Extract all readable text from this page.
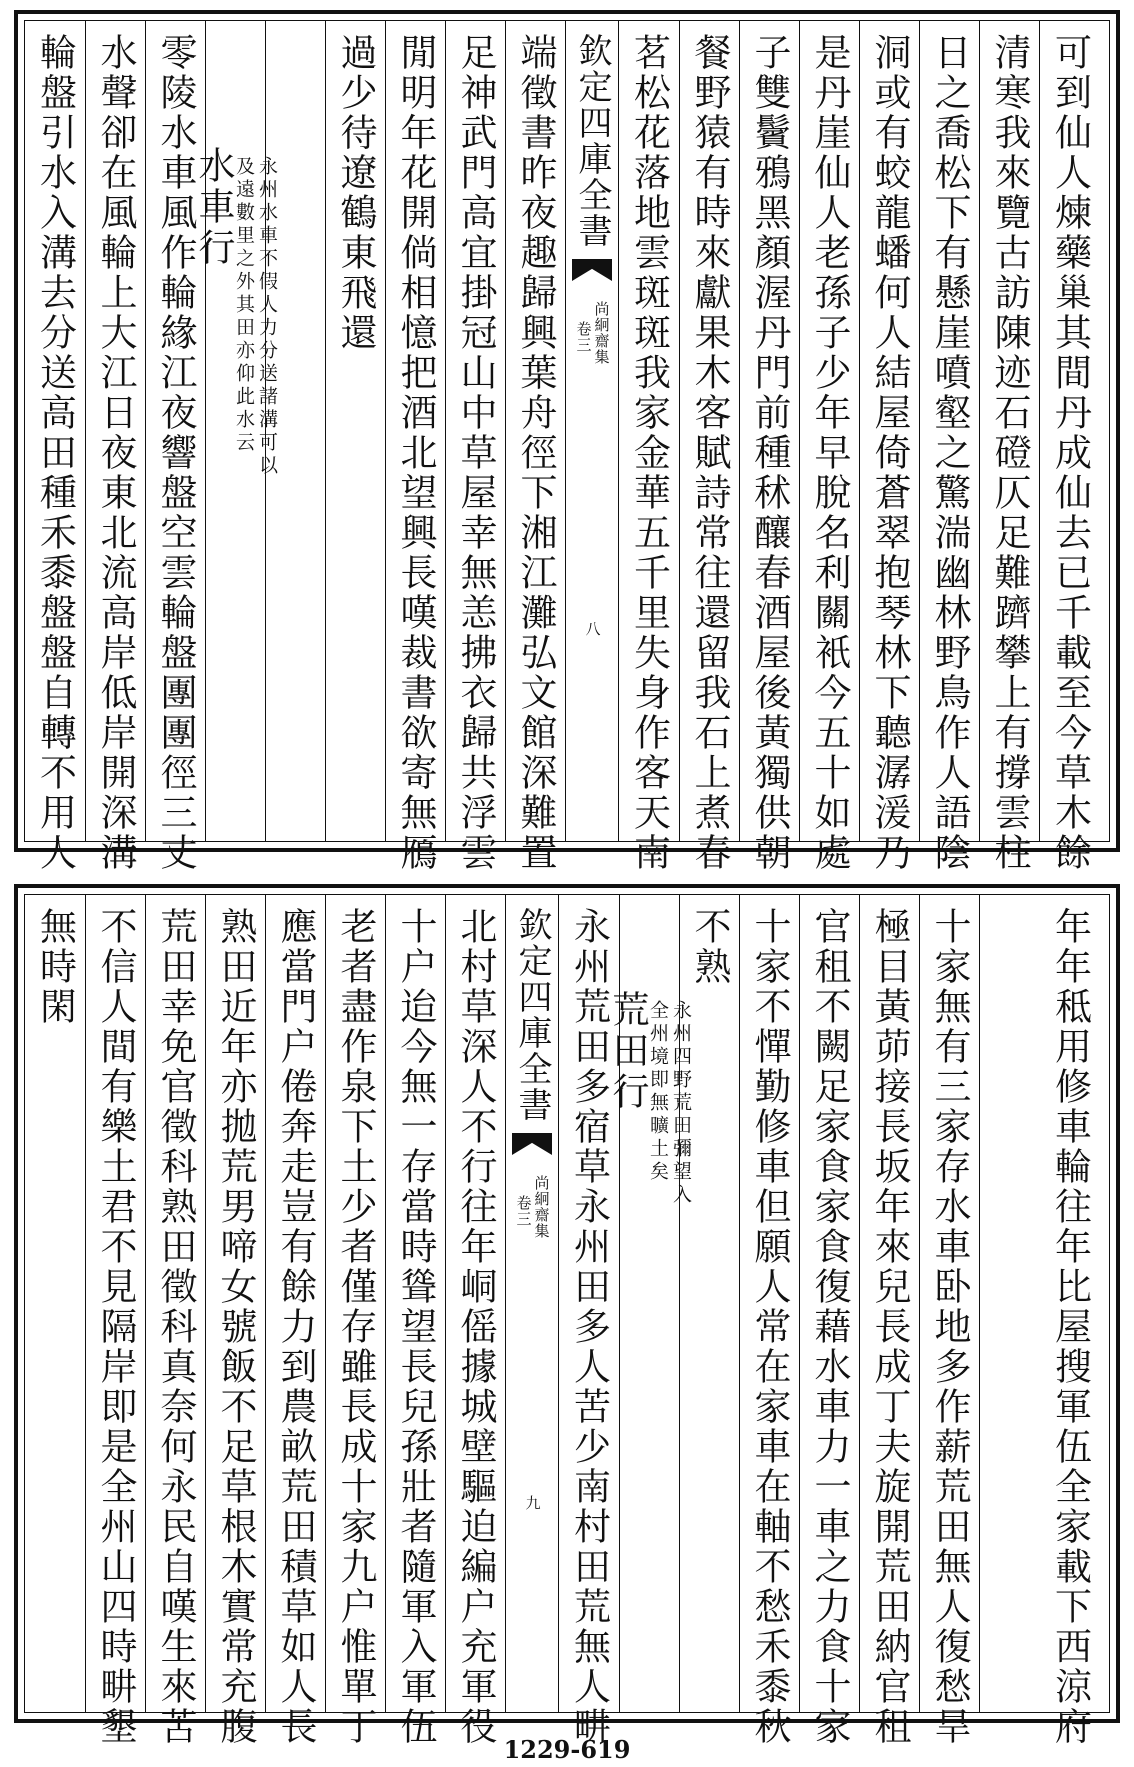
輪盤引水入溝去分送高田種禾黍盤盤自轉不用人 水聲卻在風輪上大江日夜東北流高岸低岸開深溝 零陵水車風作輪緣江夜響盤空雲輪盤團團徑三丈
水車行 永州水車不假人力分送諸溝可以
及遠數里之外其田亦仰此水云 過少待遼鶴東飛還 閒明年花開倘相憶把酒北望興長嘆裁書欲寄無鴈 足神武門高宜掛冠山中草屋幸無恙拂衣歸共浮雲 端徵書昨夜趣歸興葉舟徑下湘江灘弘文館深難置 欽定四庫全書
尚絅齋集
卷三
八 茗松花落地雲斑斑我家金華五千里失身作客天南 餐野猿有時來獻果木客賦詩常往還留我石上煮春 子雙鬢鴉黑顏渥丹門前種秫釀春酒屋後黃獨供朝 是丹崖仙人老孫子少年早脫名利關衹今五十如處 洞或有蛟龍蟠何人結屋倚蒼翠抱琴林下聽潺湲乃 日之喬松下有懸崖噴壑之驚湍幽林野鳥作人語陰 清寒我來覽古訪陳迹石磴仄足難躋攀上有撐雲柱 可到仙人煉藥巢其間丹成仙去已千載至今草木餘
無時閑 不信人間有樂土君不見隔岸即是全州山四時畊墾 荒田幸免官徵科熟田徵科真奈何永民自嘆生來苦 熟田近年亦拋荒男啼女號飯不足草根木實常充腹 應當門户倦奔走豈有餘力到農畝荒田積草如人長 老者盡作泉下土少者僅存雖長成十家九户惟單丁 十户迨今無一存當時聳望長兒孫壯者隨軍入軍伍 北村草深人不行往年峒傜據城壁驅迫編户充軍役 欽定四庫全書
尚絅齋集
卷三
九 永州荒田多宿草永州田多人苦少南村田荒無人畊
荒田行 永州四野荒田彌望入
全州境即無曠土矣
不熟 十家不憚勤修車但願人常在家車在軸不愁禾黍秋 官租不闕足家食家食復藉水車力一車之力食十家 極目黃茆接長坂年來兒長成丁夫旋開荒田納官租 十家無有三家存水車卧地多作薪荒田無人復愁旱 年年秪用修車輪往年比屋搜軍伍全家載下西涼府
1229-619
